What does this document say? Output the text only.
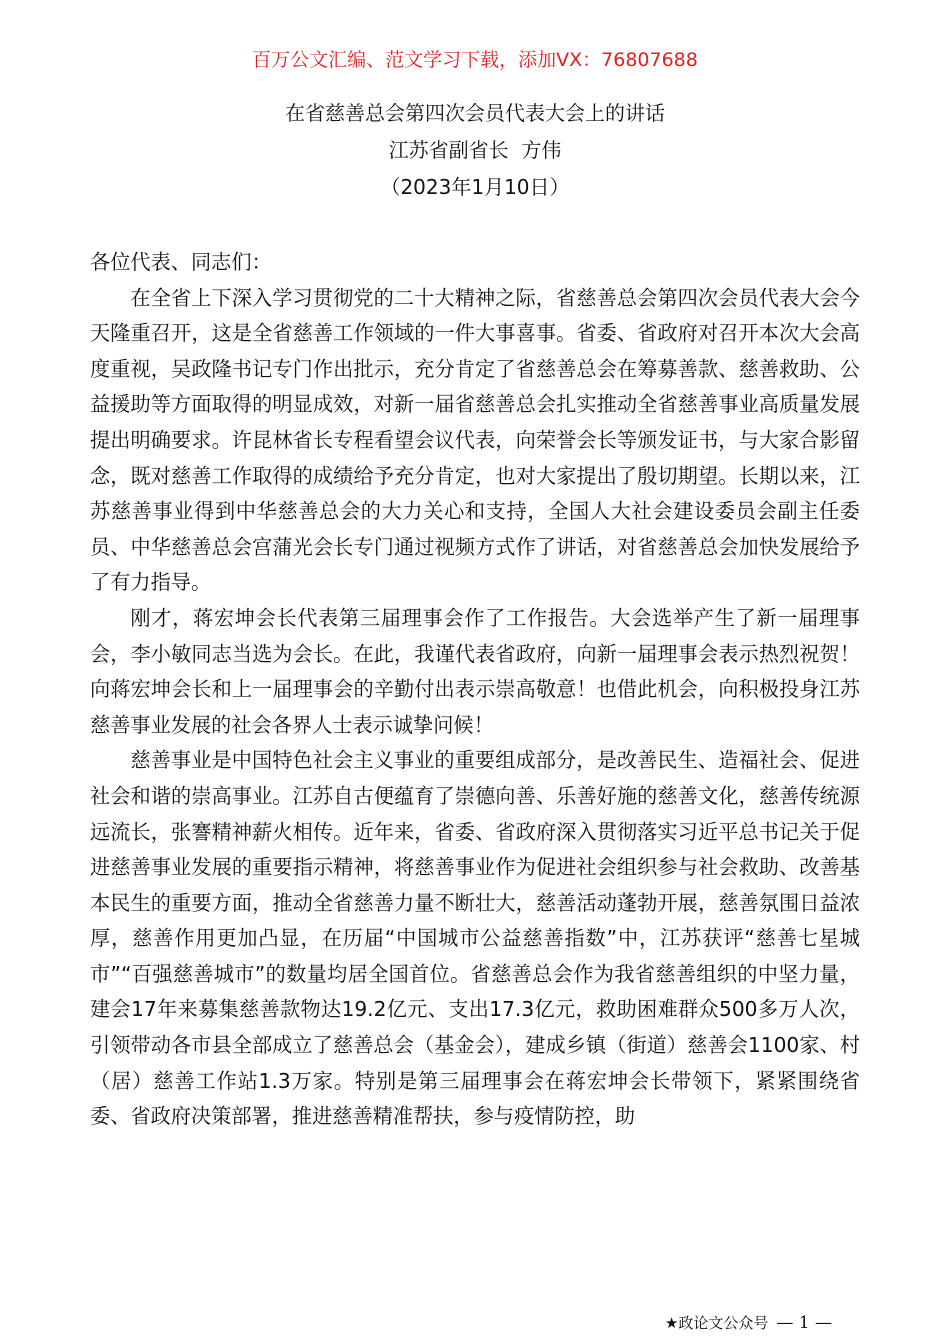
百万公文汇编、范文学习下载，添加VX：76807688
在省慈善总会第四次会员代表大会上的讲话
江苏省副省长  方伟
（2023年1月10日）

各位代表、同志们：

在全省上下深入学习贯彻党的二十大精神之际，省慈善总会第四次会员代表大会今天隆重召开，这是全省慈善工作领域的一件大事喜事。省委、省政府对召开本次大会高度重视，吴政隆书记专门作出批示，充分肯定了省慈善总会在筹募善款、慈善救助、公益援助等方面取得的明显成效，对新一届省慈善总会扎实推动全省慈善事业高质量发展提出明确要求。许昆林省长专程看望会议代表，向荣誉会长等颁发证书，与大家合影留念，既对慈善工作取得的成绩给予充分肯定，也对大家提出了殷切期望。长期以来，江苏慈善事业得到中华慈善总会的大力关心和支持，全国人大社会建设委员会副主任委员、中华慈善总会宫蒲光会长专门通过视频方式作了讲话，对省慈善总会加快发展给予了有力指导。

刚才，蒋宏坤会长代表第三届理事会作了工作报告。大会选举产生了新一届理事会，李小敏同志当选为会长。在此，我谨代表省政府，向新一届理事会表示热烈祝贺！向蒋宏坤会长和上一届理事会的辛勤付出表示崇高敬意！也借此机会，向积极投身江苏慈善事业发展的社会各界人士表示诚挚问候！

慈善事业是中国特色社会主义事业的重要组成部分，是改善民生、造福社会、促进社会和谐的崇高事业。江苏自古便蕴育了崇德向善、乐善好施的慈善文化，慈善传统源远流长，张謇精神薪火相传。近年来，省委、省政府深入贯彻落实习近平总书记关于促进慈善事业发展的重要指示精神，将慈善事业作为促进社会组织参与社会救助、改善基本民生的重要方面，推动全省慈善力量不断壮大，慈善活动蓬勃开展，慈善氛围日益浓厚，慈善作用更加凸显，在历届“中国城市公益慈善指数”中，江苏获评“慈善七星城市”“百强慈善城市”的数量均居全国首位。省慈善总会作为我省慈善组织的中坚力量，建会17年来募集慈善款物达19.2亿元、支出17.3亿元，救助困难群众500多万人次，引领带动各市县全部成立了慈善总会（基金会），建成乡镇（街道）慈善会1100家、村（居）慈善工作站1.3万家。特别是第三届理事会在蒋宏坤会长带领下，紧紧围绕省委、省政府决策部署，推进慈善精准帮扶，参与疫情防控，助

★政论文公众号 — 1 —
